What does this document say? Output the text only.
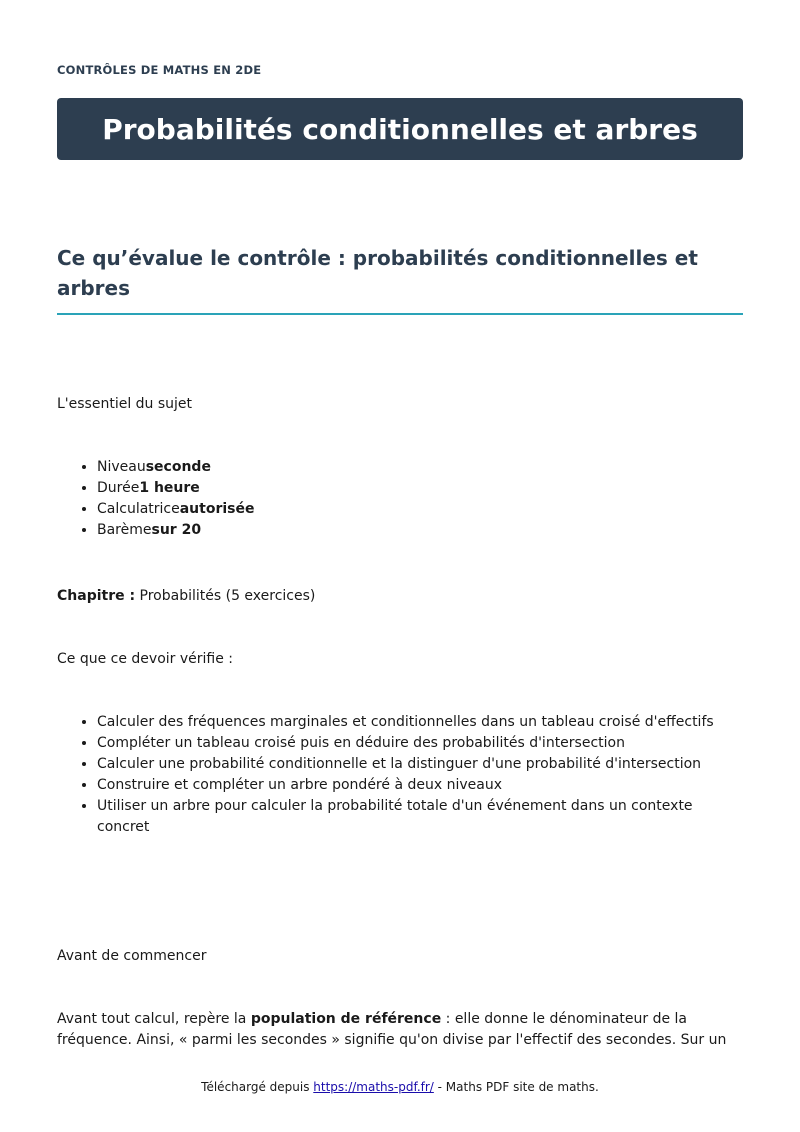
CONTRÔLES DE MATHS EN 2DE
Probabilités conditionnelles et arbres
Ce qu’évalue le contrôle : probabilités conditionnelles et arbres

L'essentiel du sujet

• Niveauseconde
• Durée1 heure
• Calculatriceautorisée
• Barèmesur 20

Chapitre : Probabilités (5 exercices)

Ce que ce devoir vérifie :

• Calculer des fréquences marginales et conditionnelles dans un tableau croisé d'effectifs
• Compléter un tableau croisé puis en déduire des probabilités d'intersection
• Calculer une probabilité conditionnelle et la distinguer d'une probabilité d'intersection
• Construire et compléter un arbre pondéré à deux niveaux
• Utiliser un arbre pour calculer la probabilité totale d'un événement dans un contexte concret

Avant de commencer

Avant tout calcul, repère la population de référence : elle donne le dénominateur de la fréquence. Ainsi, « parmi les secondes » signifie qu'on divise par l'effectif des secondes. Sur un

Téléchargé depuis https://maths-pdf.fr/ - Maths PDF site de maths.
